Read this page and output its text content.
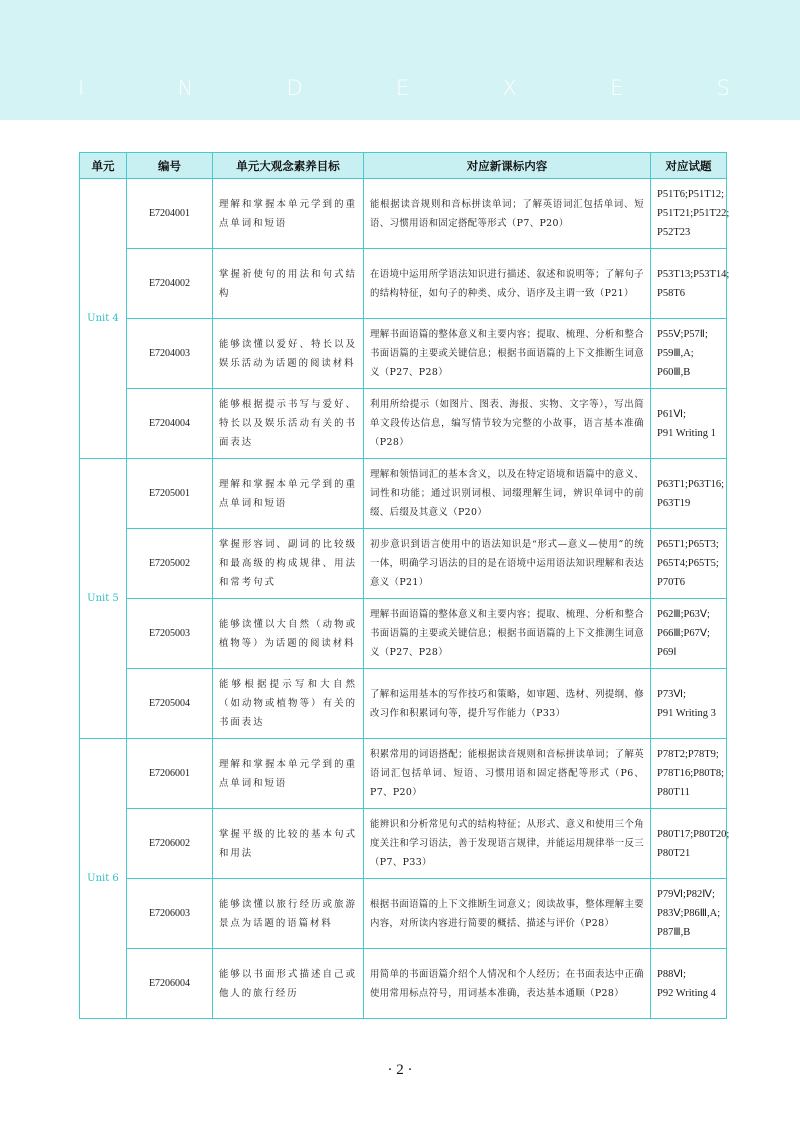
I	N	D	E	X	E	S
单元	编号	单元大观念素养目标	对应新课标内容	对应试题
Unit 4	E7204001	理解和掌握本单元学到的重点单词和短语	能根据读音规则和音标拼读单词；了解英语词汇包括单词、短语、习惯用语和固定搭配等形式（P7、P20）	P51T6;P51T12;
P51T21;P51T22;
P52T23
	E7204002	掌握祈使句的用法和句式结构	在语境中运用所学语法知识进行描述、叙述和说明等；了解句子的结构特征，如句子的种类、成分、语序及主谓一致（P21）	P53T13;P53T14;
P58T6
	E7204003	能够读懂以爱好、特长以及娱乐活动为话题的阅读材料	理解书面语篇的整体意义和主要内容；提取、梳理、分析和整合书面语篇的主要或关键信息；根据书面语篇的上下文推断生词意义（P27、P28）	P55Ⅴ;P57Ⅱ;
P59Ⅲ,A;
P60Ⅲ,B
	E7204004	能够根据提示书写与爱好、特长以及娱乐活动有关的书面表达	利用所给提示（如图片、图表、海报、实物、文字等），写出简单文段传达信息，编写情节较为完整的小故事，语言基本准确（P28）	P61Ⅵ;
P91 Writing 1
Unit 5	E7205001	理解和掌握本单元学到的重点单词和短语	理解和领悟词汇的基本含义，以及在特定语境和语篇中的意义、词性和功能；通过识别词根、词缀理解生词，辨识单词中的前缀、后缀及其意义（P20）	P63T1;P63T16;
P63T19
	E7205002	掌握形容词、副词的比较级和最高级的构成规律、用法和常考句式	初步意识到语言使用中的语法知识是“形式—意义—使用”的统一体，明确学习语法的目的是在语境中运用语法知识理解和表达意义（P21）	P65T1;P65T3;
P65T4;P65T5;
P70T6
	E7205003	能够读懂以大自然（动物或植物等）为话题的阅读材料	理解书面语篇的整体意义和主要内容；提取、梳理、分析和整合书面语篇的主要或关键信息；根据书面语篇的上下文推测生词意义（P27、P28）	P62Ⅲ;P63Ⅴ;
P66Ⅲ;P67Ⅴ;
P69Ⅰ
	E7205004	能够根据提示写和大自然（如动物或植物等）有关的书面表达	了解和运用基本的写作技巧和策略，如审题、选材、列提纲、修改习作和积累词句等，提升写作能力（P33）	P73Ⅵ;
P91 Writing 3
Unit 6	E7206001	理解和掌握本单元学到的重点单词和短语	积累常用的词语搭配；能根据读音规则和音标拼读单词；了解英语词汇包括单词、短语、习惯用语和固定搭配等形式（P6、P7、P20）	P78T2;P78T9;
P78T16;P80T8;
P80T11
	E7206002	掌握平级的比较的基本句式和用法	能辨识和分析常见句式的结构特征；从形式、意义和使用三个角度关注和学习语法，善于发现语言规律，并能运用规律举一反三（P7、P33）	P80T17;P80T20;
P80T21
	E7206003	能够读懂以旅行经历或旅游景点为话题的语篇材料	根据书面语篇的上下文推断生词意义；阅读故事，整体理解主要内容，对所读内容进行简要的概括、描述与评价（P28）	P79Ⅵ;P82Ⅳ;
P83Ⅴ;P86Ⅲ,A;
P87Ⅲ,B
	E7206004	能够以书面形式描述自己或他人的旅行经历	用简单的书面语篇介绍个人情况和个人经历；在书面表达中正确使用常用标点符号，用词基本准确，表达基本通顺（P28）	P88Ⅵ;
P92 Writing 4
· 2 ·
